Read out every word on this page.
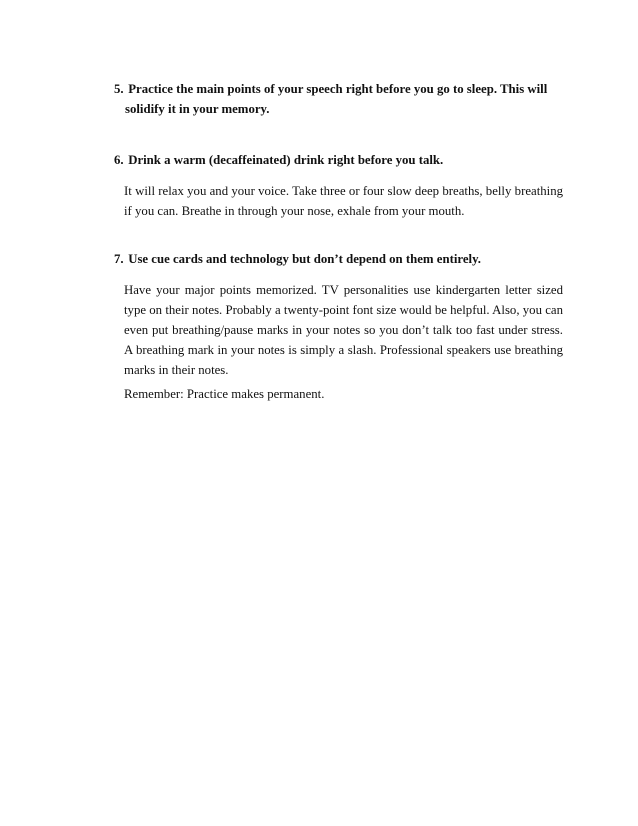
5. Practice the main points of your speech right before you go to sleep. This will
solidify it in your memory.

6. Drink a warm (decaffeinated) drink right before you talk.

It will relax you and your voice. Take three or four slow deep breaths, belly breathing if you can. Breathe in through your nose, exhale from your mouth.

7. Use cue cards and technology but don’t depend on them entirely.

Have your major points memorized. TV personalities use kindergarten letter sized type on their notes. Probably a twenty-point font size would be helpful. Also, you can even put breathing/pause marks in your notes so you don’t talk too fast under stress. A breathing mark in your notes is simply a slash. Professional speakers use breathing marks in their notes.

Remember: Practice makes permanent.
